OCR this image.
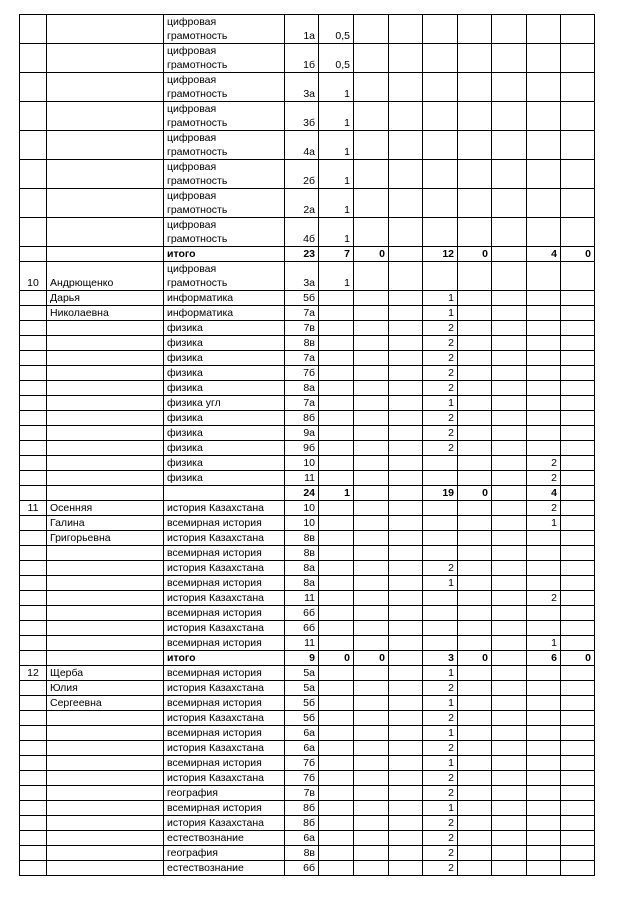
		цифровая
грамотность	1а	0,5							

		цифровая
грамотность	1б	0,5							

		цифровая
грамотность	3а	1							

		цифровая
грамотность	3б	1							

		цифровая
грамотность	4а	1							

		цифровая
грамотность	2б	1							

		цифровая
грамотность	2а	1							

		цифровая
грамотность	4б	1							
		итого	23	7	0		12	0		4	0
10	Андрющенко	цифровая
грамотность	3а	1							
	Дарья	информатика	5б				1				
	Николаевна	информатика	7а				1				
		физика	7в				2				
		физика	8в				2				
		физика	7а				2				
		физика	7б				2				
		физика	8а				2				
		физика угл	7а				1				
		физика	8б				2				
		физика	9а				2				
		физика	9б				2				
		физика	10							2	
		физика	11							2	
			24	1			19	0		4	
11	Осенняя	история Казахстана	10							2	
	Галина	всемирная история	10							1	
	Григорьевна	история Казахстана	8в								
		всемирная история	8в								
		история Казахстана	8а				2				
		всемирная история	8а				1				
		история Казахстана	11							2	
		всемирная история	6б								
		история Казахстана	6б								
		всемирная история	11							1	
		итого	9	0	0		3	0		6	0
12	Щерба	всемирная история	5а				1				
	Юлия	история Казахстана	5а				2				
	Сергеевна	всемирная история	5б				1				
		история Казахстана	5б				2				
		всемирная история	6а				1				
		история Казахстана	6а				2				
		всемирная история	7б				1				
		история Казахстана	7б				2				
		география	7в				2				
		всемирная история	8б				1				
		история Казахстана	8б				2				
		естествознание	6а				2				
		география	8в				2				
		естествознание	6б				2				
